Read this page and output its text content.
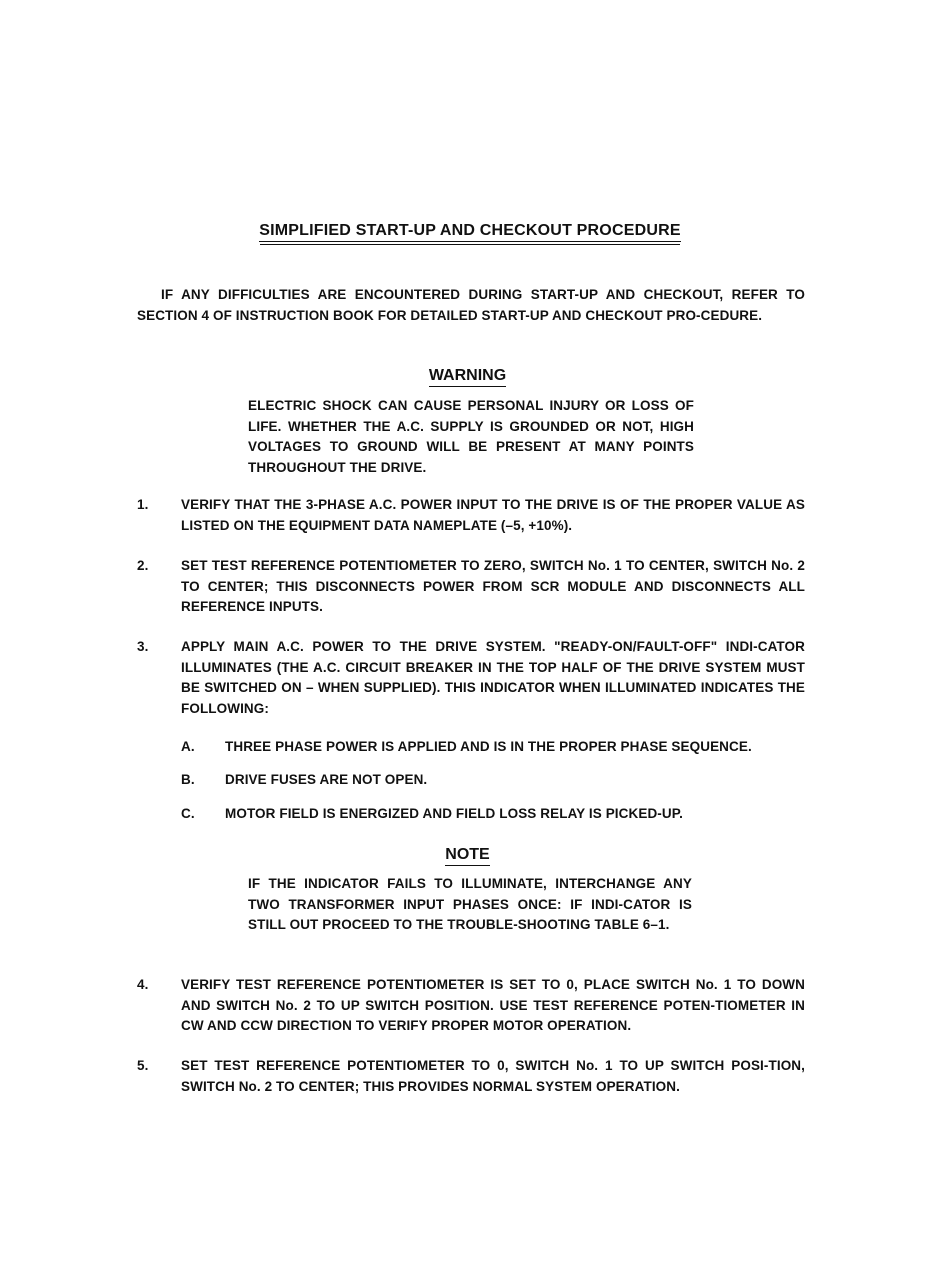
SIMPLIFIED START-UP AND CHECKOUT PROCEDURE
IF ANY DIFFICULTIES ARE ENCOUNTERED DURING START-UP AND CHECKOUT, REFER TO SECTION 4 OF INSTRUCTION BOOK FOR DETAILED START-UP AND CHECKOUT PRO-CEDURE.
WARNING
ELECTRIC SHOCK CAN CAUSE PERSONAL INJURY OR LOSS OF LIFE. WHETHER THE A.C. SUPPLY IS GROUNDED OR NOT, HIGH VOLTAGES TO GROUND WILL BE PRESENT AT MANY POINTS THROUGHOUT THE DRIVE.
1.	VERIFY THAT THE 3-PHASE A.C. POWER INPUT TO THE DRIVE IS OF THE PROPER VALUE AS LISTED ON THE EQUIPMENT DATA NAMEPLATE (–5, +10%).
2.	SET TEST REFERENCE POTENTIOMETER TO ZERO, SWITCH No. 1 TO CENTER, SWITCH No. 2 TO CENTER; THIS DISCONNECTS POWER FROM SCR MODULE AND DISCONNECTS ALL REFERENCE INPUTS.
3.	APPLY MAIN A.C. POWER TO THE DRIVE SYSTEM. "READY-ON/FAULT-OFF" INDI-CATOR ILLUMINATES (THE A.C. CIRCUIT BREAKER IN THE TOP HALF OF THE DRIVE SYSTEM MUST BE SWITCHED ON – WHEN SUPPLIED). THIS INDICATOR WHEN ILLUMINATED INDICATES THE FOLLOWING:
A.	THREE PHASE POWER IS APPLIED AND IS IN THE PROPER PHASE SEQUENCE.
B.	DRIVE FUSES ARE NOT OPEN.
C.	MOTOR FIELD IS ENERGIZED AND FIELD LOSS RELAY IS PICKED-UP.
NOTE
IF THE INDICATOR FAILS TO ILLUMINATE, INTERCHANGE ANY TWO TRANSFORMER INPUT PHASES ONCE: IF INDI-CATOR IS STILL OUT PROCEED TO THE TROUBLE-SHOOTING TABLE 6–1.
4.	VERIFY TEST REFERENCE POTENTIOMETER IS SET TO 0, PLACE SWITCH No. 1 TO DOWN AND SWITCH No. 2 TO UP SWITCH POSITION. USE TEST REFERENCE POTEN-TIOMETER IN CW AND CCW DIRECTION TO VERIFY PROPER MOTOR OPERATION.
5.	SET TEST REFERENCE POTENTIOMETER TO 0, SWITCH No. 1 TO UP SWITCH POSI-TION, SWITCH No. 2 TO CENTER; THIS PROVIDES NORMAL SYSTEM OPERATION.
